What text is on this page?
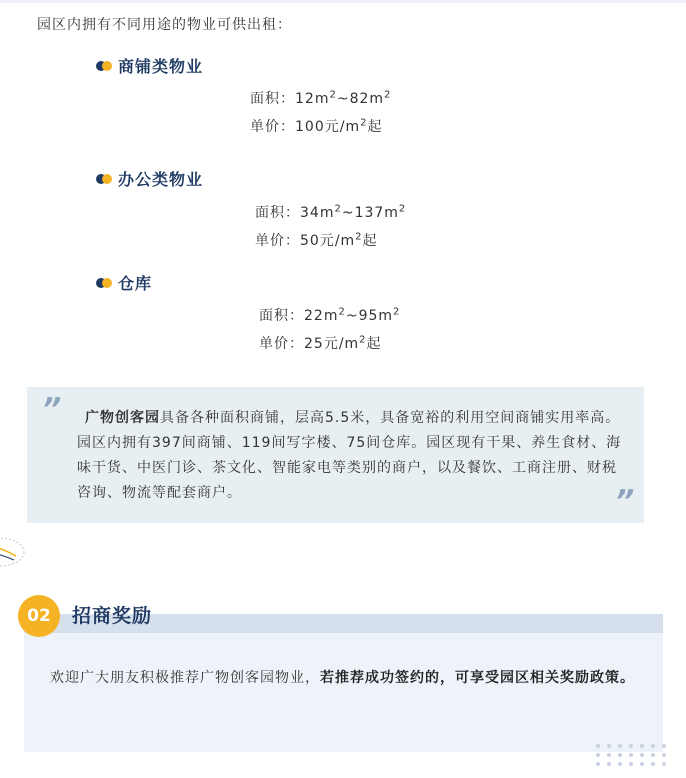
园区内拥有不同用途的物业可供出租：
商铺类物业
面积：$12m^2\sim 82m^2$
单价：100元$/m^2$起
办公类物业
面积：$34m^2\sim 137m^2$
单价：50元$/m^2$起
仓库
面积：$22m^2\sim 95m^2$
单价：25元$/m^2$起
”	广物创客园具备各种面积商铺，层高5.5米，具备宽裕的利用空间商铺实用率高。园区内拥有397间商铺、119间写字楼、75间仓库。园区现有干果、养生食材、海味干货、中医门诊、茶文化、智能家电等类别的商户，以及餐饮、工商注册、财税咨询、物流等配套商户。	”
02	招商奖励
欢迎广大朋友积极推荐广物创客园物业，若推荐成功签约的，可享受园区相关奖励政策。
